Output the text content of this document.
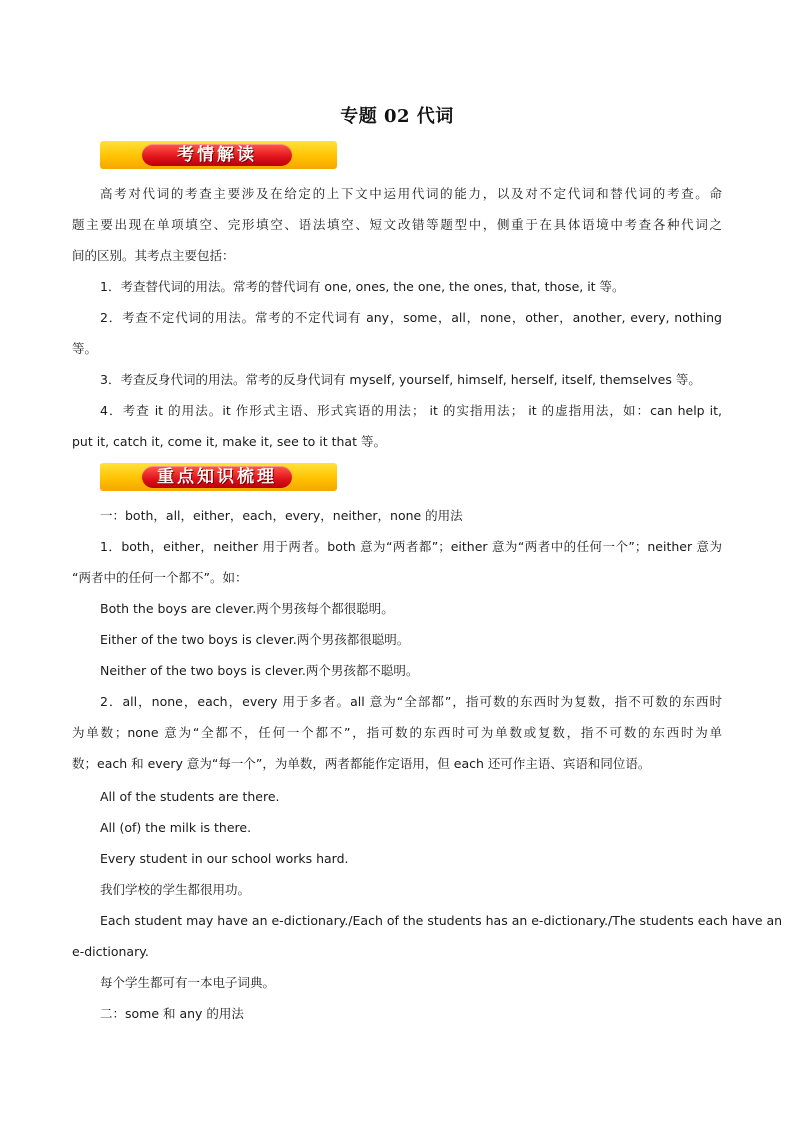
专题 02 代词
考情解读
高考对代词的考查主要涉及在给定的上下文中运用代词的能力，以及对不定代词和替代词的考查。命
题主要出现在单项填空、完形填空、语法填空、短文改错等题型中，侧重于在具体语境中考查各种代词之
间的区别。其考点主要包括：
1．考查替代词的用法。常考的替代词有 one, ones, the one, the ones, that, those, it 等。
2．考查不定代词的用法。常考的不定代词有 any，some，all，none，other，another, every, nothing
等。
3．考查反身代词的用法。常考的反身代词有 myself, yourself, himself, herself, itself, themselves 等。
4．考查 it 的用法。it 作形式主语、形式宾语的用法； it 的实指用法； it 的虚指用法，如：can help it,
put it, catch it, come it, make it, see to it that 等。
重点知识梳理
一：both，all，either，each，every，neither，none 的用法
1．both，either，neither 用于两者。both 意为“两者都”；either 意为“两者中的任何一个”；neither 意为
“两者中的任何一个都不”。如：
Both the boys are clever.两个男孩每个都很聪明。
Either of the two boys is clever.两个男孩都很聪明。
Neither of the two boys is clever.两个男孩都不聪明。
2．all，none，each，every 用于多者。all 意为“全部都”，指可数的东西时为复数，指不可数的东西时
为单数；none 意为“全都不，任何一个都不”，指可数的东西时可为单数或复数，指不可数的东西时为单
数；each 和 every 意为“每一个”，为单数，两者都能作定语用，但 each 还可作主语、宾语和同位语。
All of the students are there.
All (of) the milk is there.
Every student in our school works hard.
我们学校的学生都很用功。
Each student may have an e-dictionary./Each of the students has an e-dictionary./The students each have an
e-dictionary.
每个学生都可有一本电子词典。
二：some 和 any 的用法
